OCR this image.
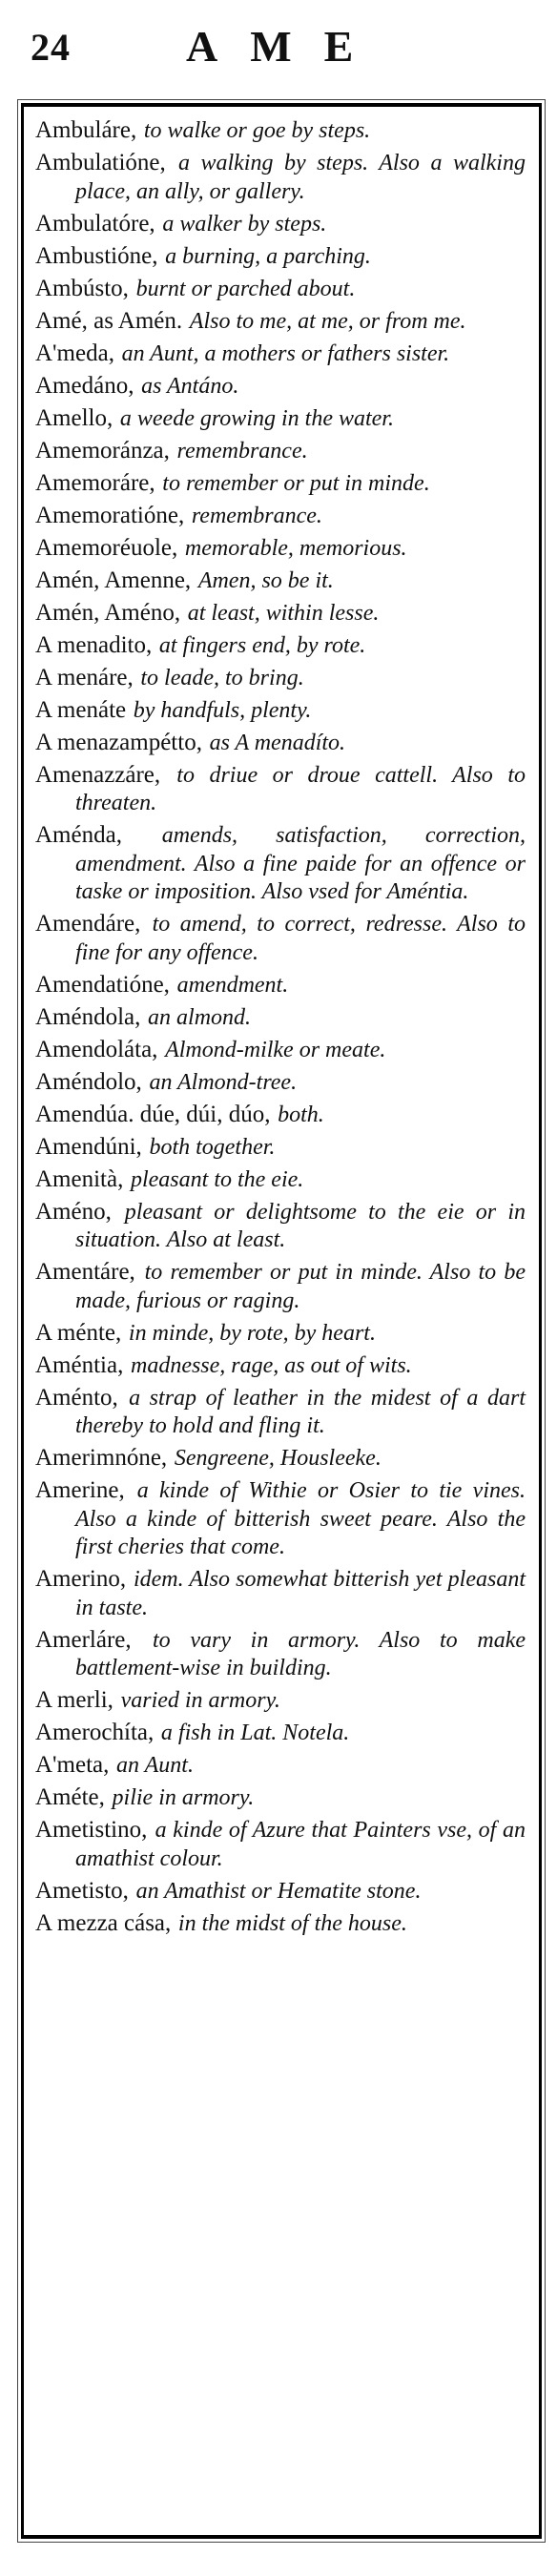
24	AME
Ambuláre, to walke or goe by steps.
Ambulatióne, a walking by steps. Also a walking place, an ally, or gallery.
Ambulatóre, a walker by steps.
Ambustióne, a burning, a parching.
Ambústo, burnt or parched about.
Amé, as Amén. Also to me, at me, or from me.
A'meda, an Aunt, a mothers or fathers sister.
Amedáno, as Antáno.
Amello, a weede growing in the water.
Amemoránza, remembrance.
Amemoráre, to remember or put in minde.
Amemoratióne, remembrance.
Amemoréuole, memorable, memorious.
Amén, Amenne, Amen, so be it.
Amén, Améno, at least, within lesse.
A menadito, at fingers end, by rote.
A menáre, to leade, to bring.
A menáte by handfuls, plenty.
A menazampétto, as A menadíto.
Amenazzáre, to driue or droue cattell. Also to threaten.
Aménda, amends, satisfaction, correction, amendment. Also a fine paide for an offence or taske or imposition. Also vsed for Améntia.
Amendáre, to amend, to correct, redresse. Also to fine for any offence.
Amendatióne, amendment.
Améndola, an almond.
Amendoláta, Almond-milke or meate.
Améndolo, an Almond-tree.
Amendúa. dúe, dúi, dúo, both.
Amendúni, both together.
Amenità, pleasant to the eie.
Améno, pleasant or delightsome to the eie or in situation. Also at least.
Amentáre, to remember or put in minde. Also to be made, furious or raging.
A ménte, in minde, by rote, by heart.
Améntia, madnesse, rage, as out of wits.
Aménto, a strap of leather in the midest of a dart thereby to hold and fling it.
Amerimnóne, Sengreene, Housleeke.
Amerine, a kinde of Withie or Osier to tie vines. Also a kinde of bitterish sweet peare. Also the first cheries that come.
Amerino, idem. Also somewhat bitterish yet pleasant in taste.
Amerláre, to vary in armory. Also to make battlement-wise in building.
A merli, varied in armory.
Amerochíta, a fish in Lat. Notela.
A'meta, an Aunt.
Améte, pilie in armory.
Ametistino, a kinde of Azure that Painters vse, of an amathist colour.
Ametisto, an Amathist or Hematite stone.
A mezza cása, in the midst of the house.
